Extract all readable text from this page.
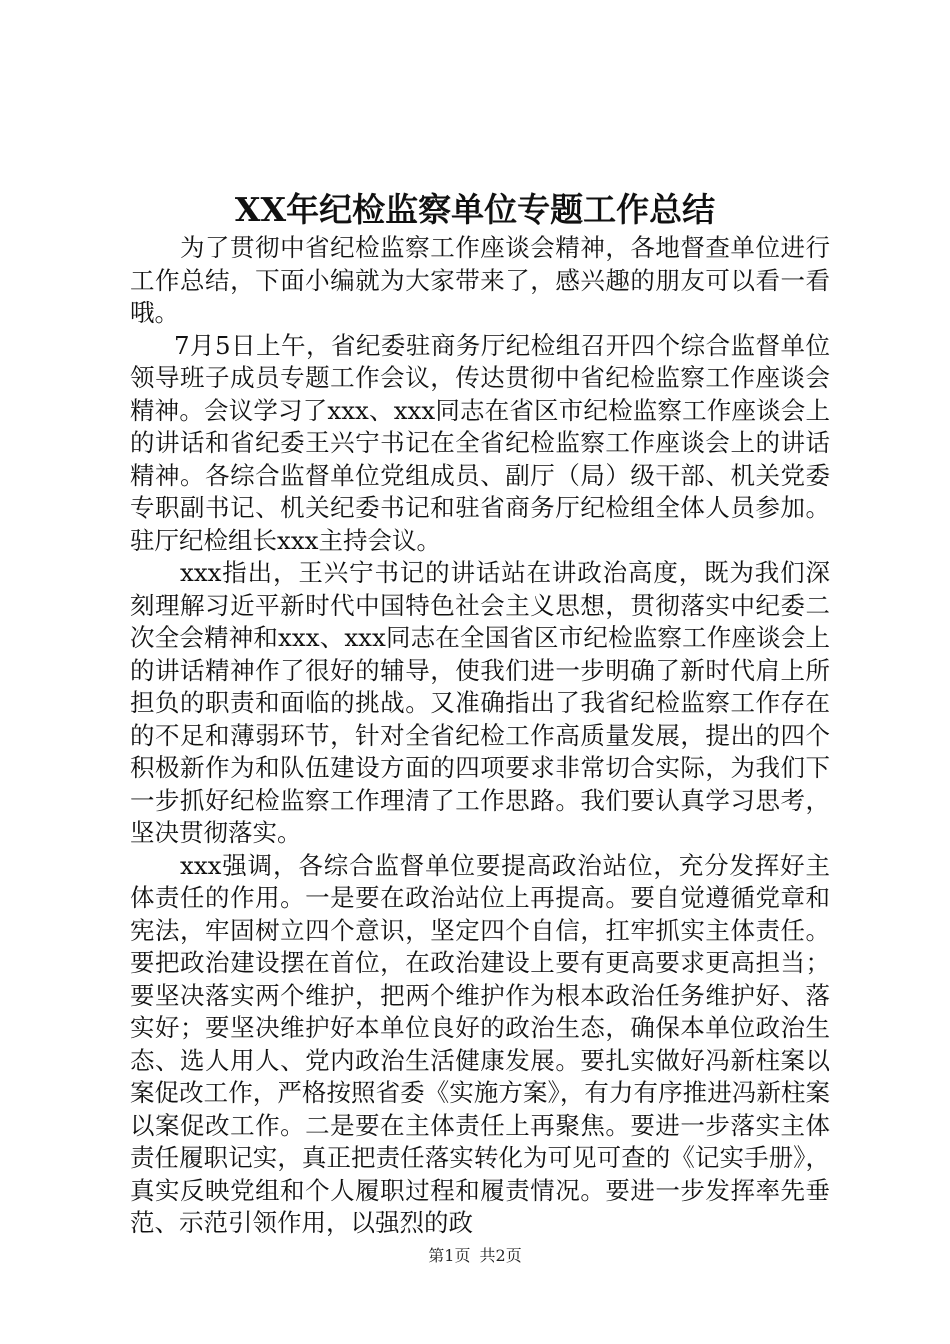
XX年纪检监察单位专题工作总结

为了贯彻中省纪检监察工作座谈会精神，各地督查单位进行工作总结，下面小编就为大家带来了，感兴趣的朋友可以看一看哦。

7月5日上午，省纪委驻商务厅纪检组召开四个综合监督单位领导班子成员专题工作会议，传达贯彻中省纪检监察工作座谈会精神。会议学习了xxx、xxx同志在省区市纪检监察工作座谈会上的讲话和省纪委王兴宁书记在全省纪检监察工作座谈会上的讲话精神。各综合监督单位党组成员、副厅（局）级干部、机关党委专职副书记、机关纪委书记和驻省商务厅纪检组全体人员参加。驻厅纪检组长xxx主持会议。

xxx指出，王兴宁书记的讲话站在讲政治高度，既为我们深刻理解习近平新时代中国特色社会主义思想，贯彻落实中纪委二次全会精神和xxx、xxx同志在全国省区市纪检监察工作座谈会上的讲话精神作了很好的辅导，使我们进一步明确了新时代肩上所担负的职责和面临的挑战。又准确指出了我省纪检监察工作存在的不足和薄弱环节，针对全省纪检工作高质量发展，提出的四个积极新作为和队伍建设方面的四项要求非常切合实际，为我们下一步抓好纪检监察工作理清了工作思路。我们要认真学习思考，坚决贯彻落实。

xxx强调，各综合监督单位要提高政治站位，充分发挥好主体责任的作用。一是要在政治站位上再提高。要自觉遵循党章和宪法，牢固树立四个意识，坚定四个自信，扛牢抓实主体责任。要把政治建设摆在首位，在政治建设上要有更高要求更高担当；要坚决落实两个维护，把两个维护作为根本政治任务维护好、落实好；要坚决维护好本单位良好的政治生态，确保本单位政治生态、选人用人、党内政治生活健康发展。要扎实做好冯新柱案以案促改工作，严格按照省委《实施方案》，有力有序推进冯新柱案以案促改工作。二是要在主体责任上再聚焦。要进一步落实主体责任履职记实，真正把责任落实转化为可见可查的《记实手册》，真实反映党组和个人履职过程和履责情况。要进一步发挥率先垂范、示范引领作用，以强烈的政

第1页 共2页
